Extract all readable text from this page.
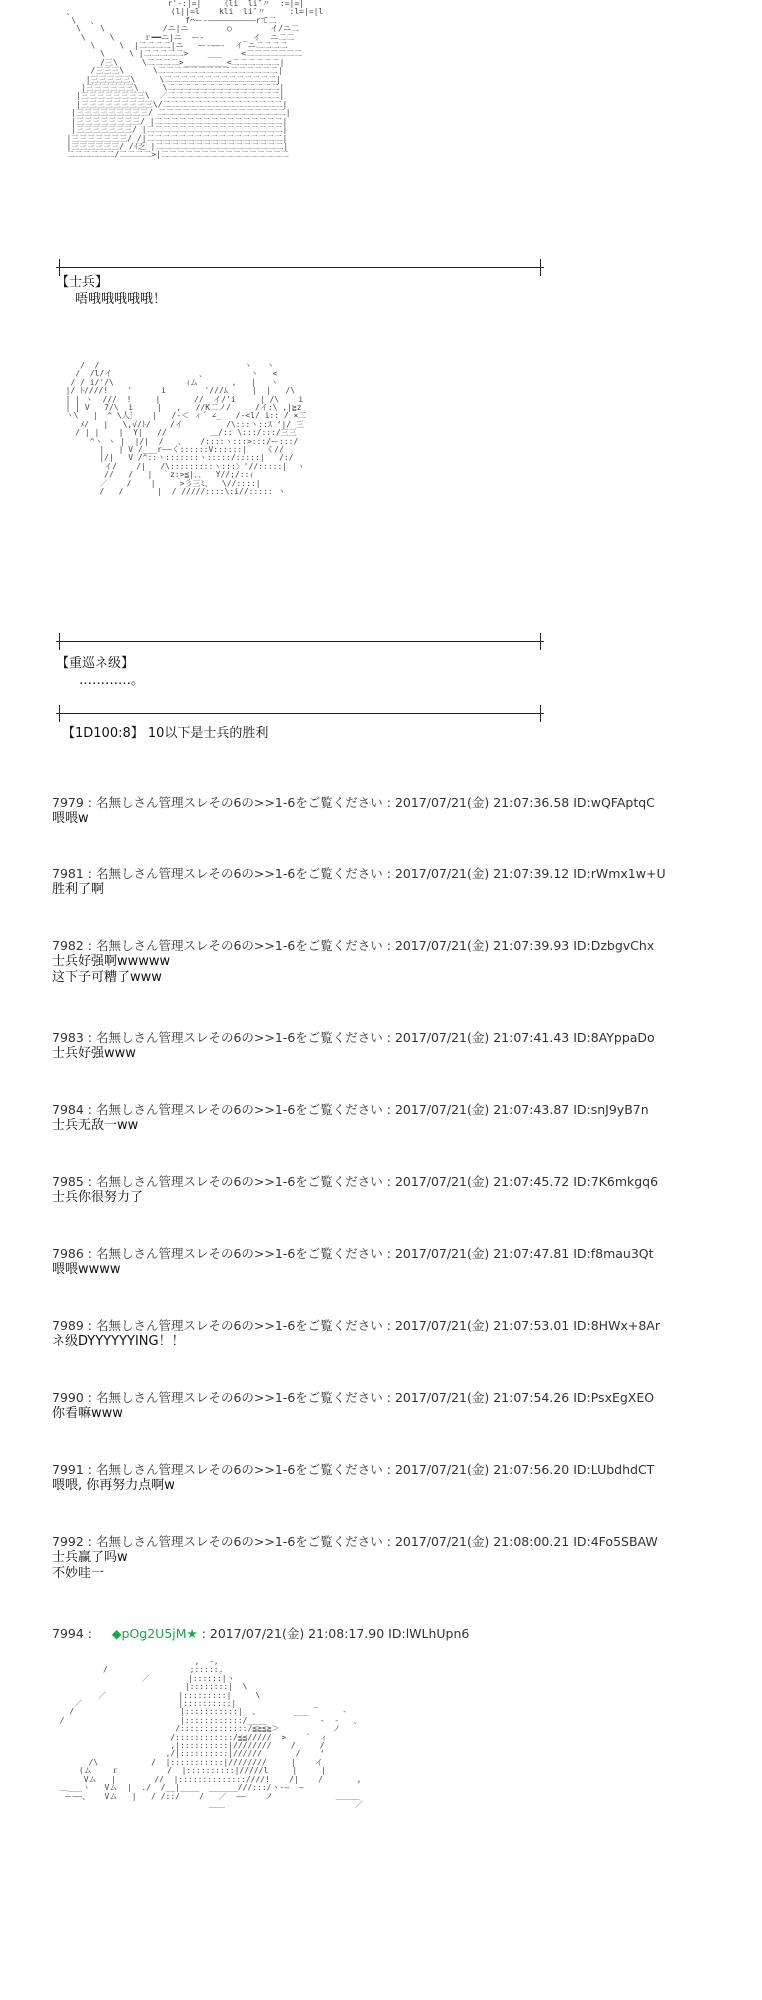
r'-:|=|    《li  li″〃  :=|=|
、                    (l||=l    kli  li″〃     :l=|=|l
\   、                  f⌒ー-――――――――――rて二
\    \            /ニ|ニ        ○        イ/ニ二
\     \      ｒ━━ニ|ニ  ー‐        _ イ  ニ二二
\     \  |二二二二|ニ   ー-――-  イ ニ二二二二
\     \ |二二二二二>    ___    <二二二二二二二
/三\     \二二二二>_________<二二二二二二|
/三三三\      \二二二二二二二二二二二二二二二|
|三三三三三\     \二二二二二二二二二二二二二二|
|三三三三三三\     \二二二二二二二二二二二二二二|
|三三三三三三三三\  ／二二二二二二二二二二二二二二|
|三三三三三三三三三\/二二二二二二二二二二二二二二二|
|三三三三三三三三三/ 二二二二二二二二二二二二二二二二|
|三三三三三三三三/ |二二二二二二二二二二二二二二二二|
|三三三三三三三/ |二二二二二二二二二二二二二二二二二|
|三三三三三三三/ /|二二二二二二二二二二二二二二二二二|
|三三三三三三/ /ｲ乏 |二二二二二二二二二二二二二二二二|
二二二二二二/二二二二>|二二二二二二二二二二二二二二二二
【士兵】
　唔哦哦哦哦哦！
/  /                              ヽ   ヽ
/  /l/イ                  、         ヽ   <
/ / i/'/\               ｨム       ,   |   ヽ
|/ ﾄ////!    '      i        '///ﾑ     |  |   /\
| | ヽ  ///  !     |       //  イ/'i     | /\    i
| | V   7/\  i     |   ,   //K二ノ/     /イ:\ ,|≧z
ヽ\   |  ^ \人〕   |   /‐＜ ィ´ ∠_   /-<l/ i:: / ×二
ﾒ/   |   \,√/ﾄ/    /イ         /\:::ヽ::ｽ ‘|/ 三
/ | |    |  Y|   //         ＿/:: \:::/:::/三三
^ヽ ヽ |  |/|  /   、   /::::ヽ:::>:::/ー:::/
|   | V /___r――く::::::V::::::|    く//
|/|   V /^::ヽ:::::::ヽ:::::/:::::|   /:/
イ/    /|   /\:::::::::ヽ:::〉'//:::::|  ヽ
//   /   |  ｀z:>≦|、、  Y//;/::ｨ
／    /    |     >彡三ﾐ、  \//::::|
/   /       |  / /////::::\:i//::::: ヽ
【重巡ネ级】
　…………。
【1D100:8】 10以下是士兵的胜利
7979 : 名無しさん管理スレその6の>>1-6をご覧ください : 2017/07/21(金) 21:07:36.58 ID:wQFAptqC
喂喂w
7981 : 名無しさん管理スレその6の>>1-6をご覧ください : 2017/07/21(金) 21:07:39.12 ID:rWmx1w+U
胜利了啊
7982 : 名無しさん管理スレその6の>>1-6をご覧ください : 2017/07/21(金) 21:07:39.93 ID:DzbgvChx
士兵好强啊wwwww
这下子可糟了www
7983 : 名無しさん管理スレその6の>>1-6をご覧ください : 2017/07/21(金) 21:07:41.43 ID:8AYppaDo
士兵好强www
7984 : 名無しさん管理スレその6の>>1-6をご覧ください : 2017/07/21(金) 21:07:43.87 ID:snJ9yB7n
士兵无敌一ww
7985 : 名無しさん管理スレその6の>>1-6をご覧ください : 2017/07/21(金) 21:07:45.72 ID:7K6mkgq6
士兵你很努力了
7986 : 名無しさん管理スレその6の>>1-6をご覧ください : 2017/07/21(金) 21:07:47.81 ID:f8mau3Qt
喂喂wwww
7989 : 名無しさん管理スレその6の>>1-6をご覧ください : 2017/07/21(金) 21:07:53.01 ID:8HWx+8Ar
ネ级DYYYYYYING！！
7990 : 名無しさん管理スレその6の>>1-6をご覧ください : 2017/07/21(金) 21:07:54.26 ID:PsxEgXEO
你看嘛www
7991 : 名無しさん管理スレその6の>>1-6をご覧ください : 2017/07/21(金) 21:07:56.20 ID:LUbdhdCT
喂喂, 你再努力点啊w
7992 : 名無しさん管理スレその6の>>1-6をご覧ください : 2017/07/21(金) 21:08:00.21 ID:4Fo5SBAW
士兵赢了吗w
不妙哇一
7994 : ◆pOg2U5jM★ : 2017/07/21(金) 21:08:17.90 ID:lWLhUpn6
,  -,
/                 ;:::::.
／        |::::::|ヽ
|::::::::|  \
／               |:::::::::|     \
／                    |::::::::::|                _
/                      |:::::::::::|  、       ___       ‐
/                        |::::::::::::/____           -  ‐   、
/::::::::::::::/≦≧≦≧＞           ノ
/::::::::::::/≦≦/////  >    ´  ィ
,|::::::::::|////////    /     /
,/|::::::::::|//////       /    ‘
/\           /  |:::::::::::|////////     |    イ
(ム    ｒ          /  |::::::::::|/////l     |     |
Vム   |        //  |::::::::::::::////!    /|    /       ,
＿___ヽ   Vム  |  ./  /__|____  ______///:::/ヽ-―  ―
ー――、   Vム   |   / /::/    /   ／  ――    ノ             ＿＿＿
＿＿                           ／
